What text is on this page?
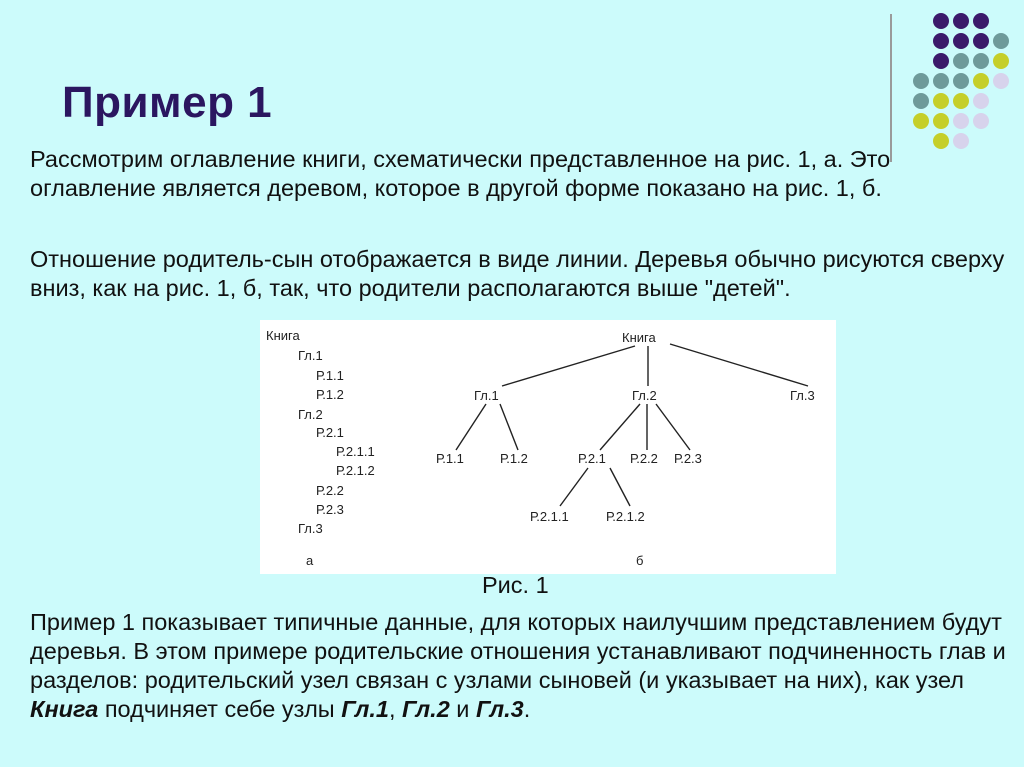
Пример 1
Рассмотрим оглавление книги, схематически представленное на рис. 1, а. Это оглавление является деревом, которое в другой форме показано на рис. 1, б.
Отношение родитель-сын отображается в виде линии. Деревья обычно рисуются сверху вниз, как на рис. 1, б, так, что родители располагаются выше "детей".
Книга
Гл.1
Р.1.1
Р.1.2
Гл.2
Р.2.1
Р.2.1.1
Р.2.1.2
Р.2.2
Р.2.3
Гл.3
а
Книга
Гл.1	Гл.2	Гл.3
Р.1.1	Р.1.2	Р.2.1 Р.2.2 Р.2.3
Р.2.1.1	Р.2.1.2
б
Рис. 1
Пример 1 показывает типичные данные, для которых наилучшим представлением будут деревья. В этом примере родительские отношения устанавливают подчиненность глав и разделов: родительский узел связан с узлами сыновей (и указывает на них), как узел Книга подчиняет себе узлы Гл.1, Гл.2 и Гл.3.
